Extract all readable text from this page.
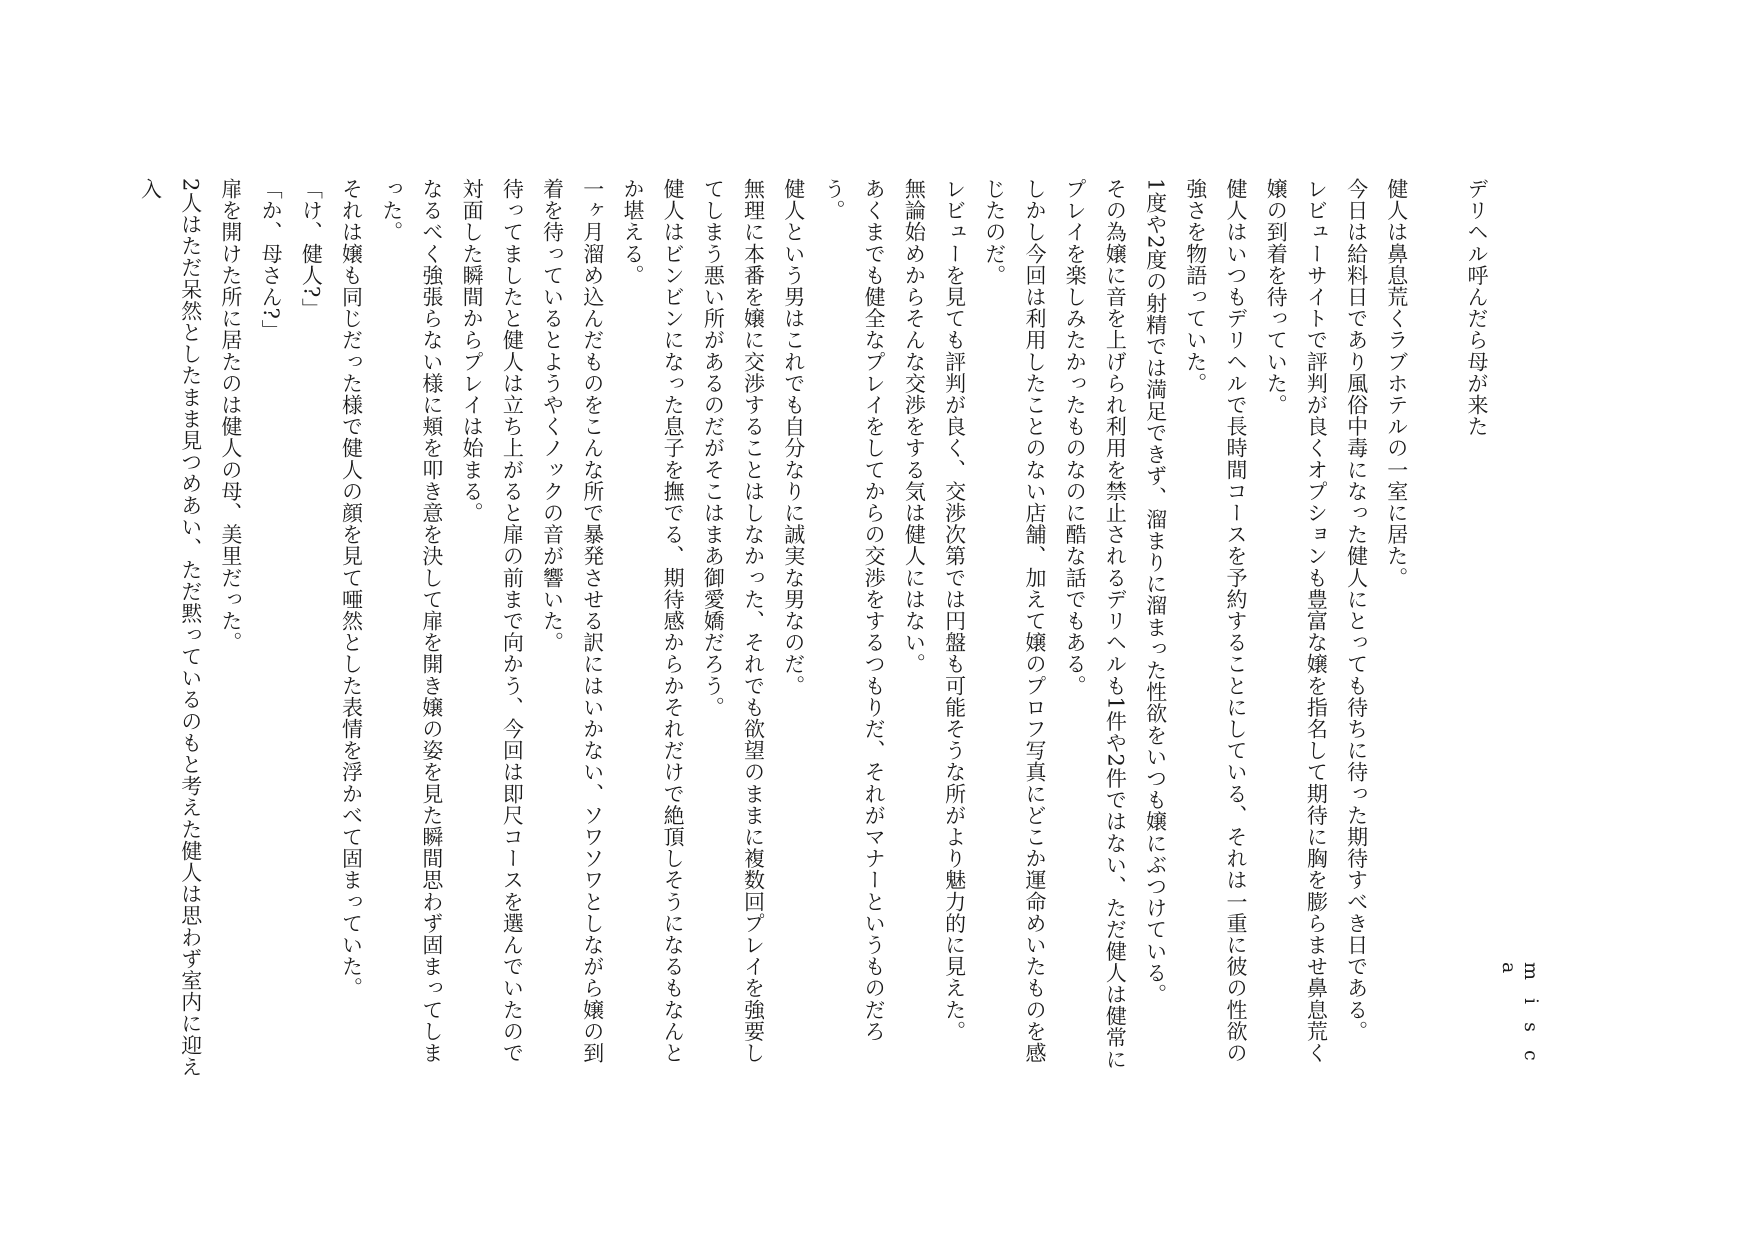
m i s c a

デリヘル呼んだら母が来た

健人は鼻息荒くラブホテルの一室に居た。

今日は給料日であり風俗中毒になった健人にとっても待ちに待った期待すべき日である。

レビューサイトで評判が良くオプションも豊富な嬢を指名して期待に胸を膨らませ鼻息荒く嬢の到着を待っていた。

健人はいつもデリヘルで長時間コースを予約することにしている、それは一重に彼の性欲の強さを物語っていた。

1度や2度の射精では満足できず、溜まりに溜まった性欲をいつも嬢にぶつけている。

その為嬢に音を上げられ利用を禁止されるデリヘルも1件や2件ではない、ただ健人は健常にプレイを楽しみたかったものなのに酷な話でもある。

しかし今回は利用したことのない店舗、加えて嬢のプロフ写真にどこか運命めいたものを感じたのだ。

レビューを見ても評判が良く、交渉次第では円盤も可能そうな所がより魅力的に見えた。

無論始めからそんな交渉をする気は健人にはない。

あくまでも健全なプレイをしてからの交渉をするつもりだ、それがマナーというものだろう。

健人という男はこれでも自分なりに誠実な男なのだ。

無理に本番を嬢に交渉することはしなかった、それでも欲望のままに複数回プレイを強要してしまう悪い所があるのだがそこはまあ御愛嬌だろう。

健人はビンビンになった息子を撫でる、期待感からかそれだけで絶頂しそうになるもなんとか堪える。

一ヶ月溜め込んだものをこんな所で暴発させる訳にはいかない、ソワソワとしながら嬢の到着を待っているとようやくノックの音が響いた。

待ってましたと健人は立ち上がると扉の前まで向かう、今回は即尺コースを選んでいたので対面した瞬間からプレイは始まる。

なるべく強張らない様に頬を叩き意を決して扉を開き嬢の姿を見た瞬間思わず固まってしまった。

それは嬢も同じだった様で健人の顔を見て唖然とした表情を浮かべて固まっていた。

「け、健人?」

「か、母さん?」

扉を開けた所に居たのは健人の母、美里だった。

2人はただ呆然としたまま見つめあい、ただ黙っているのもと考えた健人は思わず室内に迎え入
